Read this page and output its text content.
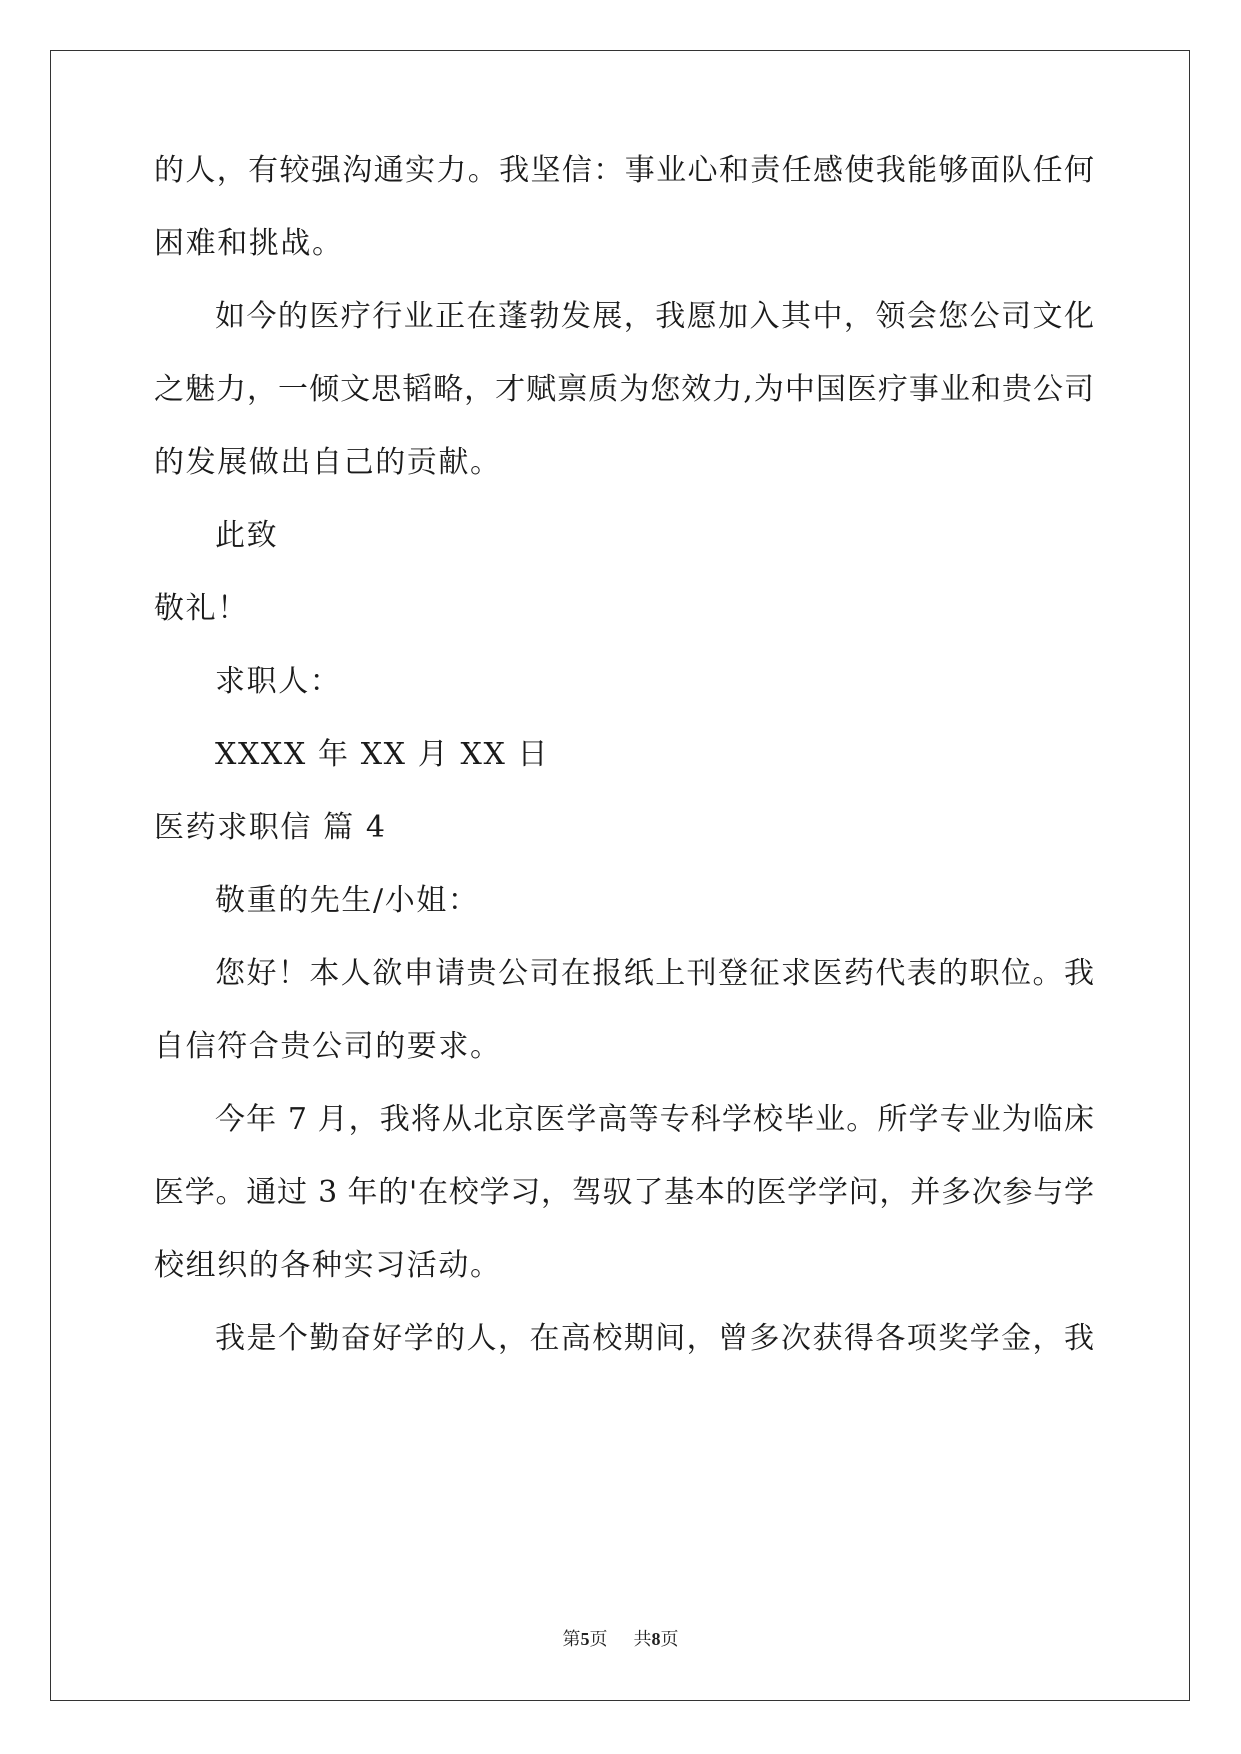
的人，有较强沟通实力。我坚信：事业心和责任感使我能够面队任何
困难和挑战。
如今的医疗行业正在蓬勃发展，我愿加入其中，领会您公司文化
之魅力，一倾文思韬略，才赋禀质为您效力,为中国医疗事业和贵公司
的发展做出自己的贡献。
此致
敬礼！
求职人：
XXXX 年 XX 月 XX 日
医药求职信 篇 4
敬重的先生/小姐：
您好！本人欲申请贵公司在报纸上刊登征求医药代表的职位。我
自信符合贵公司的要求。
今年 7 月，我将从北京医学高等专科学校毕业。所学专业为临床
医学。通过 3 年的'在校学习，驾驭了基本的医学学问，并多次参与学
校组织的各种实习活动。
我是个勤奋好学的人，在高校期间，曾多次获得各项奖学金，我
第5页 共8页
